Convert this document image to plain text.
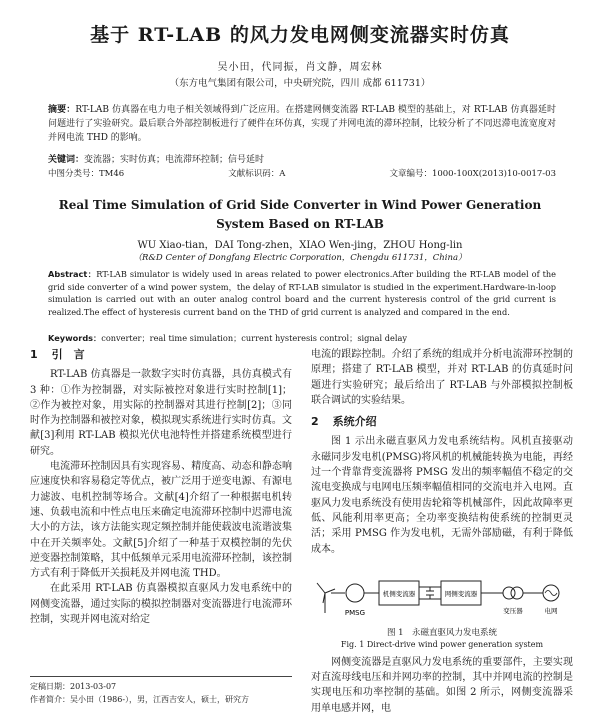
基于 RT-LAB 的风力发电网侧变流器实时仿真
吴小田，代同振，肖文静，周宏林
（东方电气集团有限公司，中央研究院，四川 成都 611731）
摘要：RT-LAB 仿真器在电力电子相关领域得到广泛应用。在搭建网侧变流器 RT-LAB 模型的基础上，对 RT-LAB 仿真器延时问题进行了实验研究。最后联合外部控制板进行了硬件在环仿真，实现了并网电流的滞环控制，比较分析了不同迟滞电流宽度对并网电流 THD 的影响。
关键词：变流器；实时仿真；电流滞环控制；信号延时
中图分类号：TM46	文献标识码：A	文章编号：1000-100X(2013)10-0017-03
Real Time Simulation of Grid Side Converter in Wind Power Generation System Based on RT-LAB
WU Xiao-tian，DAI Tong-zhen，XIAO Wen-jing，ZHOU Hong-lin
（R&D Center of Dongfang Electric Corporation，Chengdu 611731，China）
Abstract：RT-LAB simulator is widely used in areas related to power electronics.After building the RT-LAB model of the grid side converter of a wind power system，the delay of RT-LAB simulator is studied in the experiment.Hardware-in-loop simulation is carried out with an outer analog control board and the current hysteresis control of the grid current is realized.The effect of hysteresis current band on the THD of grid current is analyzed and compared in the end.
Keywords：converter；real time simulation；current hysteresis control；signal delay
1 引　言

RT-LAB 仿真器是一款数字实时仿真器，具仿真模式有 3 种：①作为控制器，对实际被控对象进行实时控制[1]；②作为被控对象，用实际的控制器对其进行控制[2]；③同时作为控制器和被控对象，模拟现实系统进行实时仿真。文献[3]利用 RT-LAB 模拟光伏电池特性并搭建系统模型进行研究。

电流滞环控制因具有实现容易、精度高、动态和静态响应速度快和容易稳定等优点，被广泛用于逆变电源、有源电力滤波、电机控制等场合。文献[4]介绍了一种根据电机转速、负载电流和中性点电压来确定电流滞环控制中迟滞电流大小的方法，该方法能实现定频控制并能使载波电流谐波集中在开关频率处。文献[5]介绍了一种基于双模控制的先伏逆变器控制策略，其中低频单元采用电流滞环控制，该控制方式有利于降低开关损耗及并网电流 THD。

在此采用 RT-LAB 仿真器模拟直驱风力发电系统中的网侧变流器，通过实际的模拟控制器对变流器进行电流滞环控制，实现并网电流对给定

电流的跟踪控制。介绍了系统的组成并分析电流滞环控制的原理；搭建了 RT-LAB 模型，并对 RT-LAB 的仿真延时问题进行实验研究；最后给出了 RT-LAB 与外部模拟控制板联合调试的实验结果。

2 系统介绍

图 1 示出永磁直驱风力发电系统结构。风机直接驱动永磁同步发电机(PMSG)将风机的机械能转换为电能，再经过一个背靠背变流器将 PMSG 发出的频率幅值不稳定的交流电变换成与电网电压频率幅值相同的交流电并入电网。直驱风力发电系统没有使用齿轮箱等机械部件，因此故障率更低、风能利用率更高；全功率变换结构使系统的控制更灵活；采用 PMSG 作为发电机，无需外部励磁，有利于降低成本。

PMSG
机侧变流器	网侧变流器
变压器	电网
图 1　永磁直驱风力发电系统
Fig. 1 Direct-drive wind power generation system

网侧变流器是直驱风力发电系统的重要部件，主要实现对直流母线电压和并网功率的控制，其中并网电流的控制是实现电压和功率控制的基础。如图 2 所示，网侧变流器采用单电感并网，电

定稿日期：2013-03-07
作者简介：吴小田（1986-），男，江西吉安人，硕士，研究方
